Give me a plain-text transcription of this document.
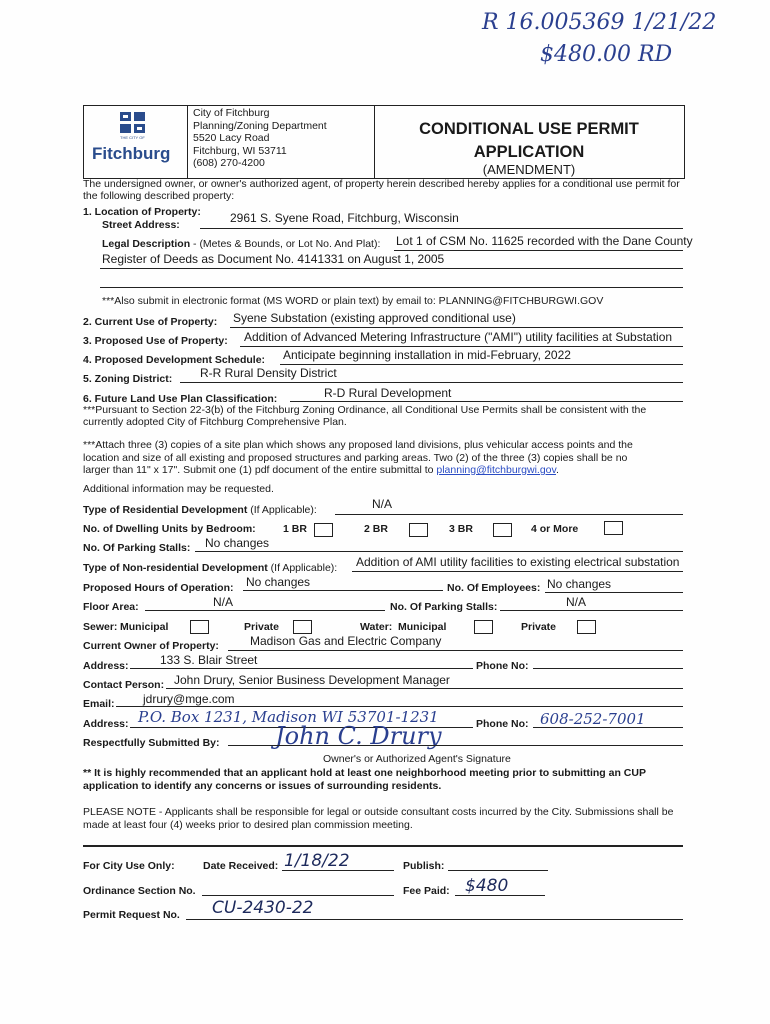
R 16.005369 1/21/22
$480.00 RD
THE CITY OF
Fitchburg
City of Fitchburg
Planning/Zoning Department
5520 Lacy Road
Fitchburg, WI 53711
(608) 270-4200
CONDITIONAL USE PERMIT
APPLICATION
(AMENDMENT)
The undersigned owner, or owner's authorized agent, of property herein described hereby applies for a conditional use permit for the following described property:
1. Location of Property:
Street Address:	2961 S. Syene Road, Fitchburg, Wisconsin
Legal Description - (Metes & Bounds, or Lot No. And Plat): Lot 1 of CSM No. 11625 recorded with the Dane County
Register of Deeds as Document No. 4141331 on August 1, 2005
***Also submit in electronic format (MS WORD or plain text) by email to: PLANNING@FITCHBURGWI.GOV
2. Current Use of Property: Syene Substation (existing approved conditional use)
3. Proposed Use of Property: Addition of Advanced Metering Infrastructure ("AMI") utility facilities at Substation
4. Proposed Development Schedule: Anticipate beginning installation in mid-February, 2022
5. Zoning District: R-R Rural Density District
6. Future Land Use Plan Classification:	R-D Rural Development
***Pursuant to Section 22-3(b) of the Fitchburg Zoning Ordinance, all Conditional Use Permits shall be consistent with the currently adopted City of Fitchburg Comprehensive Plan.
***Attach three (3) copies of a site plan which shows any proposed land divisions, plus vehicular access points and the
location and size of all existing and proposed structures and parking areas. Two (2) of the three (3) copies shall be no
larger than 11" x 17". Submit one (1) pdf document of the entire submittal to planning@fitchburgwi.gov.
Additional information may be requested.
Type of Residential Development (If Applicable):	N/A
No. of Dwelling Units by Bedroom:	1 BR	2 BR	3 BR	4 or More
No. Of Parking Stalls: No changes
Type of Non-residential Development (If Applicable): Addition of AMI utility facilities to existing electrical substation
Proposed Hours of Operation: No changes	No. Of Employees: No changes
Floor Area:	N/A	No. Of Parking Stalls:	N/A
Sewer: Municipal	Private	Water: Municipal	Private
Current Owner of Property:	Madison Gas and Electric Company
Address:	133 S. Blair Street	Phone No:
Contact Person: John Drury, Senior Business Development Manager
Email: jdrury@mge.com
Address: P.O. Box 1231, Madison WI 53701-1231	Phone No: 608-252-7001
Respectfully Submitted By: John C. Drury
Owner's or Authorized Agent's Signature
** It is highly recommended that an applicant hold at least one neighborhood meeting prior to submitting an CUP application to identify any concerns or issues of surrounding residents.
PLEASE NOTE - Applicants shall be responsible for legal or outside consultant costs incurred by the City. Submissions shall be made at least four (4) weeks prior to desired plan commission meeting.
For City Use Only:	Date Received: 1/18/22	Publish:
Ordinance Section No.	Fee Paid: $480
Permit Request No. CU-2430-22
